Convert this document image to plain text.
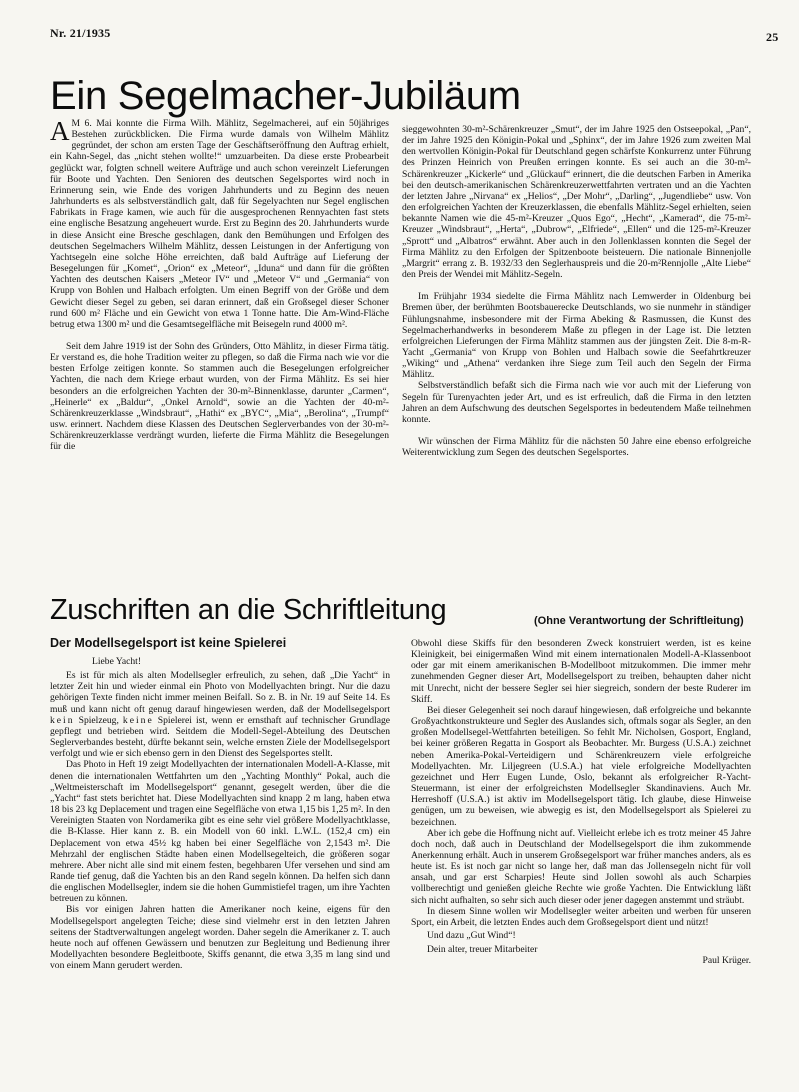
Nr. 21/1935	25
Ein Segelmacher-Jubiläum

A M 6. Mai konnte die Firma Wilh. Mählitz, Segelmacherei, auf ein 50jähriges Bestehen zurückblicken. Die Firma wurde damals von Wilhelm Mählitz gegründet, der schon am ersten Tage der Geschäftseröffnung den Auftrag erhielt, ein Kahn-Segel, das „nicht stehen wollte!“ umzuarbeiten. Da diese erste Probearbeit geglückt war, folgten schnell weitere Aufträge und auch schon vereinzelt Lieferungen für Boote und Yachten. Den Senioren des deutschen Segelsportes wird noch in Erinnerung sein, wie Ende des vorigen Jahrhunderts und zu Beginn des neuen Jahrhunderts es als selbstverständlich galt, daß für Segelyachten nur Segel englischen Fabrikats in Frage kamen, wie auch für die ausgesprochenen Rennyachten fast stets eine englische Besatzung angeheuert wurde. Erst zu Beginn des 20. Jahrhunderts wurde in diese Ansicht eine Bresche geschlagen, dank den Bemühungen und Erfolgen des deutschen Segelmachers Wilhelm Mählitz, dessen Leistungen in der Anfertigung von Yachtsegeln eine solche Höhe erreichten, daß bald Aufträge auf Lieferung der Besegelungen für „Komet“, „Orion“ ex „Meteor“, „Iduna“ und dann für die größten Yachten des deutschen Kaisers „Meteor IV“ und „Meteor V“ und „Germania“ von Krupp von Bohlen und Halbach erfolgten. Um einen Begriff von der Größe und dem Gewicht dieser Segel zu geben, sei daran erinnert, daß ein Großsegel dieser Schoner rund 600 m² Fläche und ein Gewicht von etwa 1 Tonne hatte. Die Am-Wind-Fläche betrug etwa 1300 m² und die Gesamtsegelfläche mit Beisegeln rund 4000 m².

Seit dem Jahre 1919 ist der Sohn des Gründers, Otto Mählitz, in dieser Firma tätig. Er verstand es, die hohe Tradition weiter zu pflegen, so daß die Firma nach wie vor die besten Erfolge zeitigen konnte. So stammen auch die Besegelungen erfolgreicher Yachten, die nach dem Kriege erbaut wurden, von der Firma Mählitz. Es sei hier besonders an die erfolgreichen Yachten der 30-m²-Binnenklasse, darunter „Carmen“, „Heinerle“ ex „Baldur“, „Onkel Arnold“, sowie an die Yachten der 40-m²-Schärenkreuzerklasse „Windsbraut“, „Hathi“ ex „BYC“, „Mia“, „Berolina“, „Trumpf“ usw. erinnert. Nachdem diese Klassen des Deutschen Seglerverbandes von der 30-m²-Schärenkreuzerklasse verdrängt wurden, lieferte die Firma Mählitz die Besegelungen für die

sieggewohnten 30-m²-Schärenkreuzer „Smut“, der im Jahre 1925 den Ostseepokal, „Pan“, der im Jahre 1925 den Königin-Pokal und „Sphinx“, der im Jahre 1926 zum zweiten Mal den wertvollen Königin-Pokal für Deutschland gegen schärfste Konkurrenz unter Führung des Prinzen Heinrich von Preußen erringen konnte. Es sei auch an die 30-m²-Schärenkreuzer „Kickerle“ und „Glückauf“ erinnert, die die deutschen Farben in Amerika bei den deutsch-amerikanischen Schärenkreuzerwettfahrten vertraten und an die Yachten der letzten Jahre „Nirvana“ ex „Helios“, „Der Mohr“, „Darling“, „Jugendliebe“ usw. Von den erfolgreichen Yachten der Kreuzerklassen, die ebenfalls Mählitz-Segel erhielten, seien bekannte Namen wie die 45-m²-Kreuzer „Quos Ego“, „Hecht“, „Kamerad“, die 75-m²-Kreuzer „Windsbraut“, „Herta“, „Dubrow“, „Elfriede“, „Ellen“ und die 125-m²-Kreuzer „Sprott“ und „Albatros“ erwähnt. Aber auch in den Jollenklassen konnten die Segel der Firma Mählitz zu den Erfolgen der Spitzenboote beisteuern. Die nationale Binnenjolle „Margrit“ errang z. B. 1932/33 den Seglerhauspreis und die 20-m²Rennjolle „Alte Liebe“ den Preis der Wendei mit Mählitz-Segeln.

Im Frühjahr 1934 siedelte die Firma Mählitz nach Lemwerder in Oldenburg bei Bremen über, der berühmten Bootsbauerecke Deutschlands, wo sie nunmehr in ständiger Fühlungsnahme, insbesondere mit der Firma Abeking & Rasmussen, die Kunst des Segelmacherhandwerks in besonderem Maße zu pflegen in der Lage ist. Die letzten erfolgreichen Lieferungen der Firma Mählitz stammen aus der jüngsten Zeit. Die 8-m-R-Yacht „Germania“ von Krupp von Bohlen und Halbach sowie die Seefahrtkreuzer „Wiking“ und „Athena“ verdanken ihre Siege zum Teil auch den Segeln der Firma Mählitz.

Selbstverständlich befaßt sich die Firma nach wie vor auch mit der Lieferung von Segeln für Turenyachten jeder Art, und es ist erfreulich, daß die Firma in den letzten Jahren an dem Aufschwung des deutschen Segelsportes in bedeutendem Maße teilnehmen konnte.

Wir wünschen der Firma Mählitz für die nächsten 50 Jahre eine ebenso erfolgreiche Weiterentwicklung zum Segen des deutschen Segelsportes.

Zuschriften an die Schriftleitung	(Ohne Verantwortung der Schriftleitung)
Der Modellsegelsport ist keine Spielerei

Liebe Yacht!

Es ist für mich als alten Modellsegler erfreulich, zu sehen, daß „Die Yacht“ in letzter Zeit hin und wieder einmal ein Photo von Modellyachten bringt. Nur die dazu gehörigen Texte finden nicht immer meinen Beifall. So z. B. in Nr. 19 auf Seite 14. Es muß und kann nicht oft genug darauf hingewiesen werden, daß der Modellsegelsport kein Spielzeug, keine Spielerei ist, wenn er ernsthaft auf technischer Grundlage gepflegt und betrieben wird. Seitdem die Modell-Segel-Abteilung des Deutschen Seglerverbandes besteht, dürfte bekannt sein, welche ernsten Ziele der Modellsegelsport verfolgt und wie er sich ebenso gern in den Dienst des Segelsportes stellt.

Das Photo in Heft 19 zeigt Modellyachten der internationalen Modell-A-Klasse, mit denen die internationalen Wettfahrten um den „Yachting Monthly“ Pokal, auch die „Weltmeisterschaft im Modellsegelsport“ genannt, gesegelt werden, über die die „Yacht“ fast stets berichtet hat. Diese Modellyachten sind knapp 2 m lang, haben etwa 18 bis 23 kg Deplacement und tragen eine Segelfläche von etwa 1,15 bis 1,25 m². In den Vereinigten Staaten von Nordamerika gibt es eine sehr viel größere Modellyachtklasse, die B-Klasse. Hier kann z. B. ein Modell von 60 inkl. L.W.L. (152,4 cm) ein Deplacement von etwa 45½ kg haben bei einer Segelfläche von 2,1543 m². Die Mehrzahl der englischen Städte haben einen Modellsegelteich, die größeren sogar mehrere. Aber nicht alle sind mit einem festen, begehbaren Ufer versehen und sind am Rande tief genug, daß die Yachten bis an den Rand segeln können. Da helfen sich dann die englischen Modellsegler, indem sie die hohen Gummistiefel tragen, um ihre Yachten betreuen zu können.

Bis vor einigen Jahren hatten die Amerikaner noch keine, eigens für den Modellsegelsport angelegten Teiche; diese sind vielmehr erst in den letzten Jahren seitens der Stadtverwaltungen angelegt worden. Daher segeln die Amerikaner z. T. auch heute noch auf offenen Gewässern und benutzen zur Begleitung und Bedienung ihrer Modellyachten besondere Begleitboote, Skiffs genannt, die etwa 3,35 m lang sind und von einem Mann gerudert werden.

Obwohl diese Skiffs für den besonderen Zweck konstruiert werden, ist es keine Kleinigkeit, bei einigermaßen Wind mit einem internationalen Modell-A-Klassenboot oder gar mit einem amerikanischen B-Modellboot mitzukommen. Die immer mehr zunehmenden Gegner dieser Art, Modellsegelsport zu treiben, behaupten daher nicht mit Unrecht, nicht der bessere Segler sei hier siegreich, sondern der beste Ruderer im Skiff.

Bei dieser Gelegenheit sei noch darauf hingewiesen, daß erfolgreiche und bekannte Großyachtkonstrukteure und Segler des Auslandes sich, oftmals sogar als Segler, an den großen Modellsegel-Wettfahrten beteiligen. So fehlt Mr. Nicholsen, Gosport, England, bei keiner größeren Regatta in Gosport als Beobachter. Mr. Burgess (U.S.A.) zeichnet neben Amerika-Pokal-Verteidigern und Schärenkreuzern viele erfolgreiche Modellyachten. Mr. Liljegreen (U.S.A.) hat viele erfolgreiche Modellyachten gezeichnet und Herr Eugen Lunde, Oslo, bekannt als erfolgreicher R-Yacht-Steuermann, ist einer der erfolgreichsten Modellsegler Skandinaviens. Auch Mr. Herreshoff (U.S.A.) ist aktiv im Modellsegelsport tätig. Ich glaube, diese Hinweise genügen, um zu beweisen, wie abwegig es ist, den Modellsegelsport als Spielerei zu bezeichnen.

Aber ich gebe die Hoffnung nicht auf. Vielleicht erlebe ich es trotz meiner 45 Jahre doch noch, daß auch in Deutschland der Modellsegelsport die ihm zukommende Anerkennung erhält. Auch in unserem Großsegelsport war früher manches anders, als es heute ist. Es ist noch gar nicht so lange her, daß man das Jollensegeln nicht für voll ansah, und gar erst Scharpies! Heute sind Jollen sowohl als auch Scharpies vollberechtigt und genießen gleiche Rechte wie große Yachten. Die Entwicklung läßt sich nicht aufhalten, so sehr sich auch dieser oder jener dagegen anstemmt und sträubt.

In diesem Sinne wollen wir Modellsegler weiter arbeiten und werben für unseren Sport, ein Arbeit, die letzten Endes auch dem Großsegelsport dient und nützt!

Und dazu „Gut Wind“!

Dein alter, treuer Mitarbeiter

Paul Krüger.
